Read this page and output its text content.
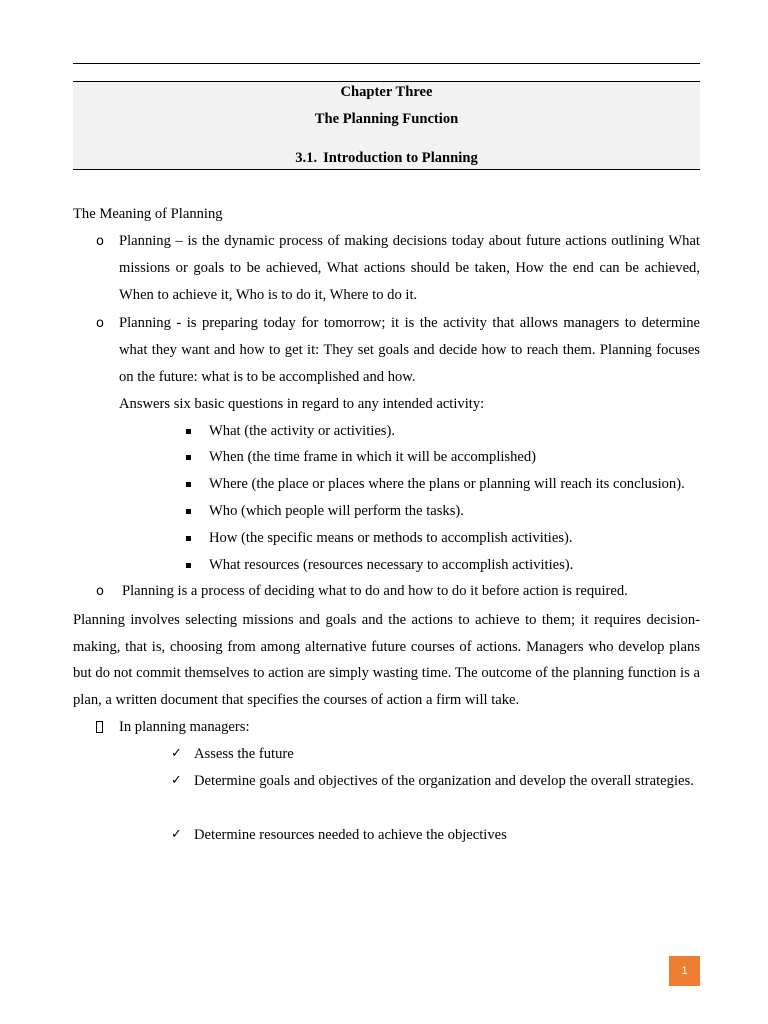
Chapter Three
The Planning Function
3.1. Introduction to Planning
The Meaning of Planning
o Planning – is the dynamic process of making decisions today about future actions outlining What missions or goals to be achieved, What actions should be taken, How the end can be achieved, When to achieve it, Who is to do it, Where to do it.
o Planning - is preparing today for tomorrow; it is the activity that allows managers to determine what they want and how to get it: They set goals and decide how to reach them. Planning focuses on the future: what is to be accomplished and how.
Answers six basic questions in regard to any intended activity:
What (the activity or activities).
When (the time frame in which it will be accomplished)
Where (the place or places where the plans or planning will reach its conclusion).
Who (which people will perform the tasks).
How (the specific means or methods to accomplish activities).
What resources (resources necessary to accomplish activities).
o Planning is a process of deciding what to do and how to do it before action is required.
Planning involves selecting missions and goals and the actions to achieve to them; it requires decision-making, that is, choosing from among alternative future courses of actions. Managers who develop plans but do not commit themselves to action are simply wasting time. The outcome of the planning function is a plan, a written document that specifies the courses of action a firm will take.
In planning managers:
✓ Assess the future
✓ Determine goals and objectives of the organization and develop the overall strategies.
✓ Determine resources needed to achieve the objectives
1
